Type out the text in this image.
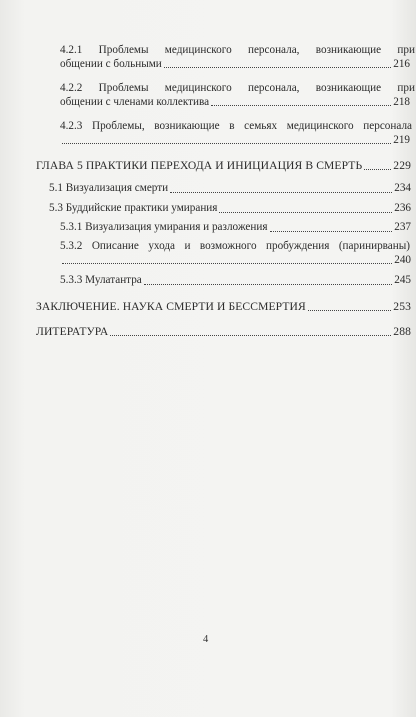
4.2.1 Проблемы медицинского персонала, возникающие при
общении с больными	216
4.2.2 Проблемы медицинского персонала, возникающие при
общении с членами коллектива	218
4.2.3 Проблемы, возникающие в семьях медицинского персонала
219
ГЛАВА 5 ПРАКТИКИ ПЕРЕХОДА И ИНИЦИАЦИЯ В СМЕРТЬ	229
5.1 Визуализация смерти	234
5.3 Буддийские практики умирания	236
5.3.1 Визуализация умирания и разложения	237
5.3.2 Описание ухода и возможного пробуждения (паринирваны)
240
5.3.3 Мулатантра	245
ЗАКЛЮЧЕНИЕ. НАУКА СМЕРТИ И БЕССМЕРТИЯ	253
ЛИТЕРАТУРА	288
4
